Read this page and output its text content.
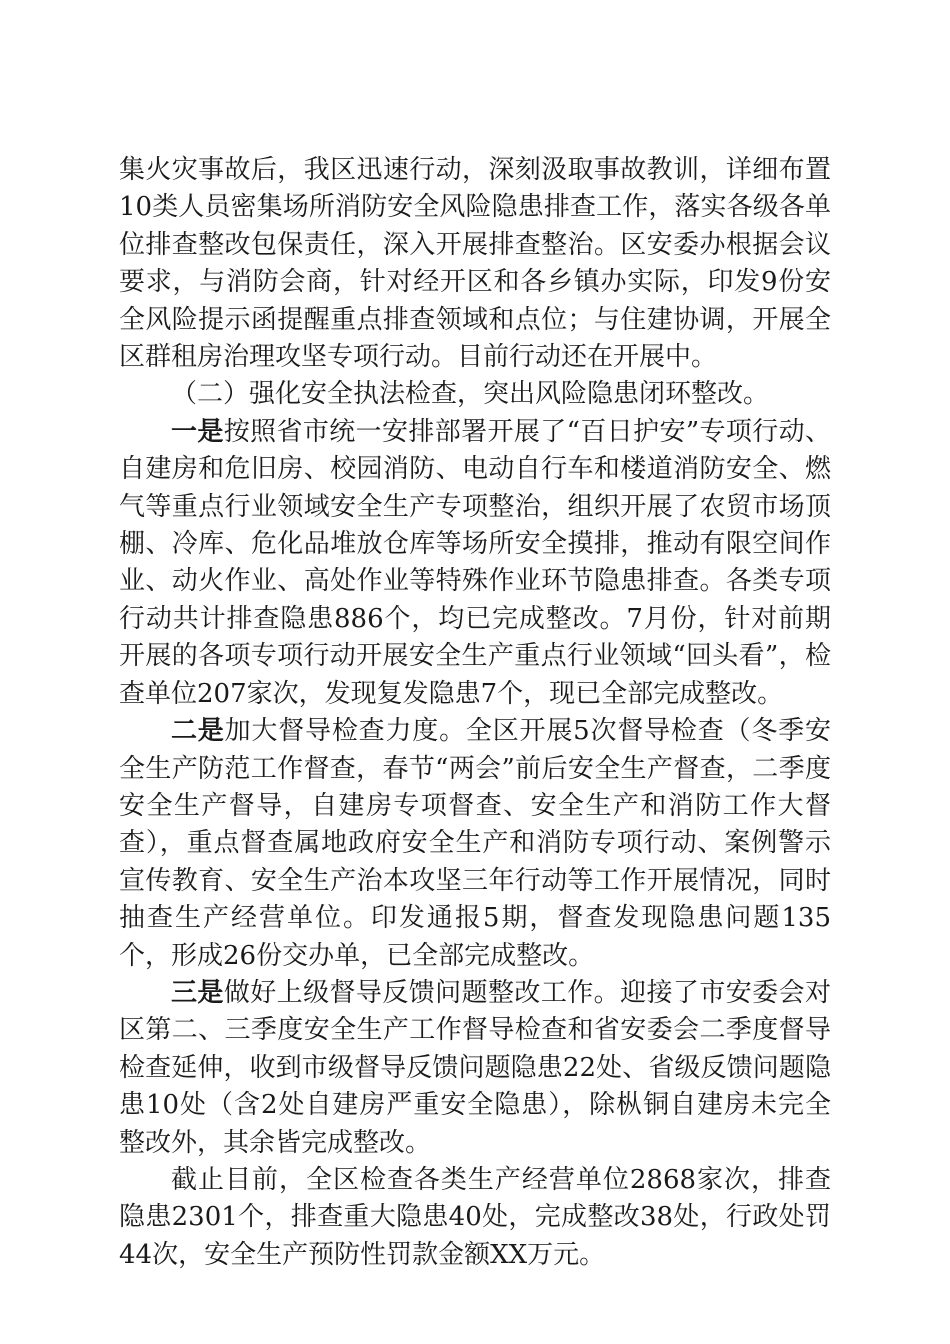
集火灾事故后，我区迅速行动，深刻汲取事故教训，详细布置10类人员密集场所消防安全风险隐患排查工作，落实各级各单位排查整改包保责任，深入开展排查整治。区安委办根据会议要求，与消防会商，针对经开区和各乡镇办实际，印发9份安全风险提示函提醒重点排查领域和点位；与住建协调，开展全区群租房治理攻坚专项行动。目前行动还在开展中。

（二）强化安全执法检查，突出风险隐患闭环整改。

一是按照省市统一安排部署开展了“百日护安”专项行动、自建房和危旧房、校园消防、电动自行车和楼道消防安全、燃气等重点行业领域安全生产专项整治，组织开展了农贸市场顶棚、冷库、危化品堆放仓库等场所安全摸排，推动有限空间作业、动火作业、高处作业等特殊作业环节隐患排查。各类专项行动共计排查隐患886个，均已完成整改。7月份，针对前期开展的各项专项行动开展安全生产重点行业领域“回头看”，检查单位207家次，发现复发隐患7个，现已全部完成整改。

二是加大督导检查力度。全区开展5次督导检查（冬季安全生产防范工作督查，春节“两会”前后安全生产督查，二季度安全生产督导，自建房专项督查、安全生产和消防工作大督查），重点督查属地政府安全生产和消防专项行动、案例警示宣传教育、安全生产治本攻坚三年行动等工作开展情况，同时抽查生产经营单位。印发通报5期，督查发现隐患问题135个，形成26份交办单，已全部完成整改。

三是做好上级督导反馈问题整改工作。迎接了市安委会对区第二、三季度安全生产工作督导检查和省安委会二季度督导检查延伸，收到市级督导反馈问题隐患22处、省级反馈问题隐患10处（含2处自建房严重安全隐患），除枞铜自建房未完全整改外，其余皆完成整改。

截止目前，全区检查各类生产经营单位2868家次，排查隐患2301个，排查重大隐患40处，完成整改38处，行政处罚44次，安全生产预防性罚款金额XX万元。
